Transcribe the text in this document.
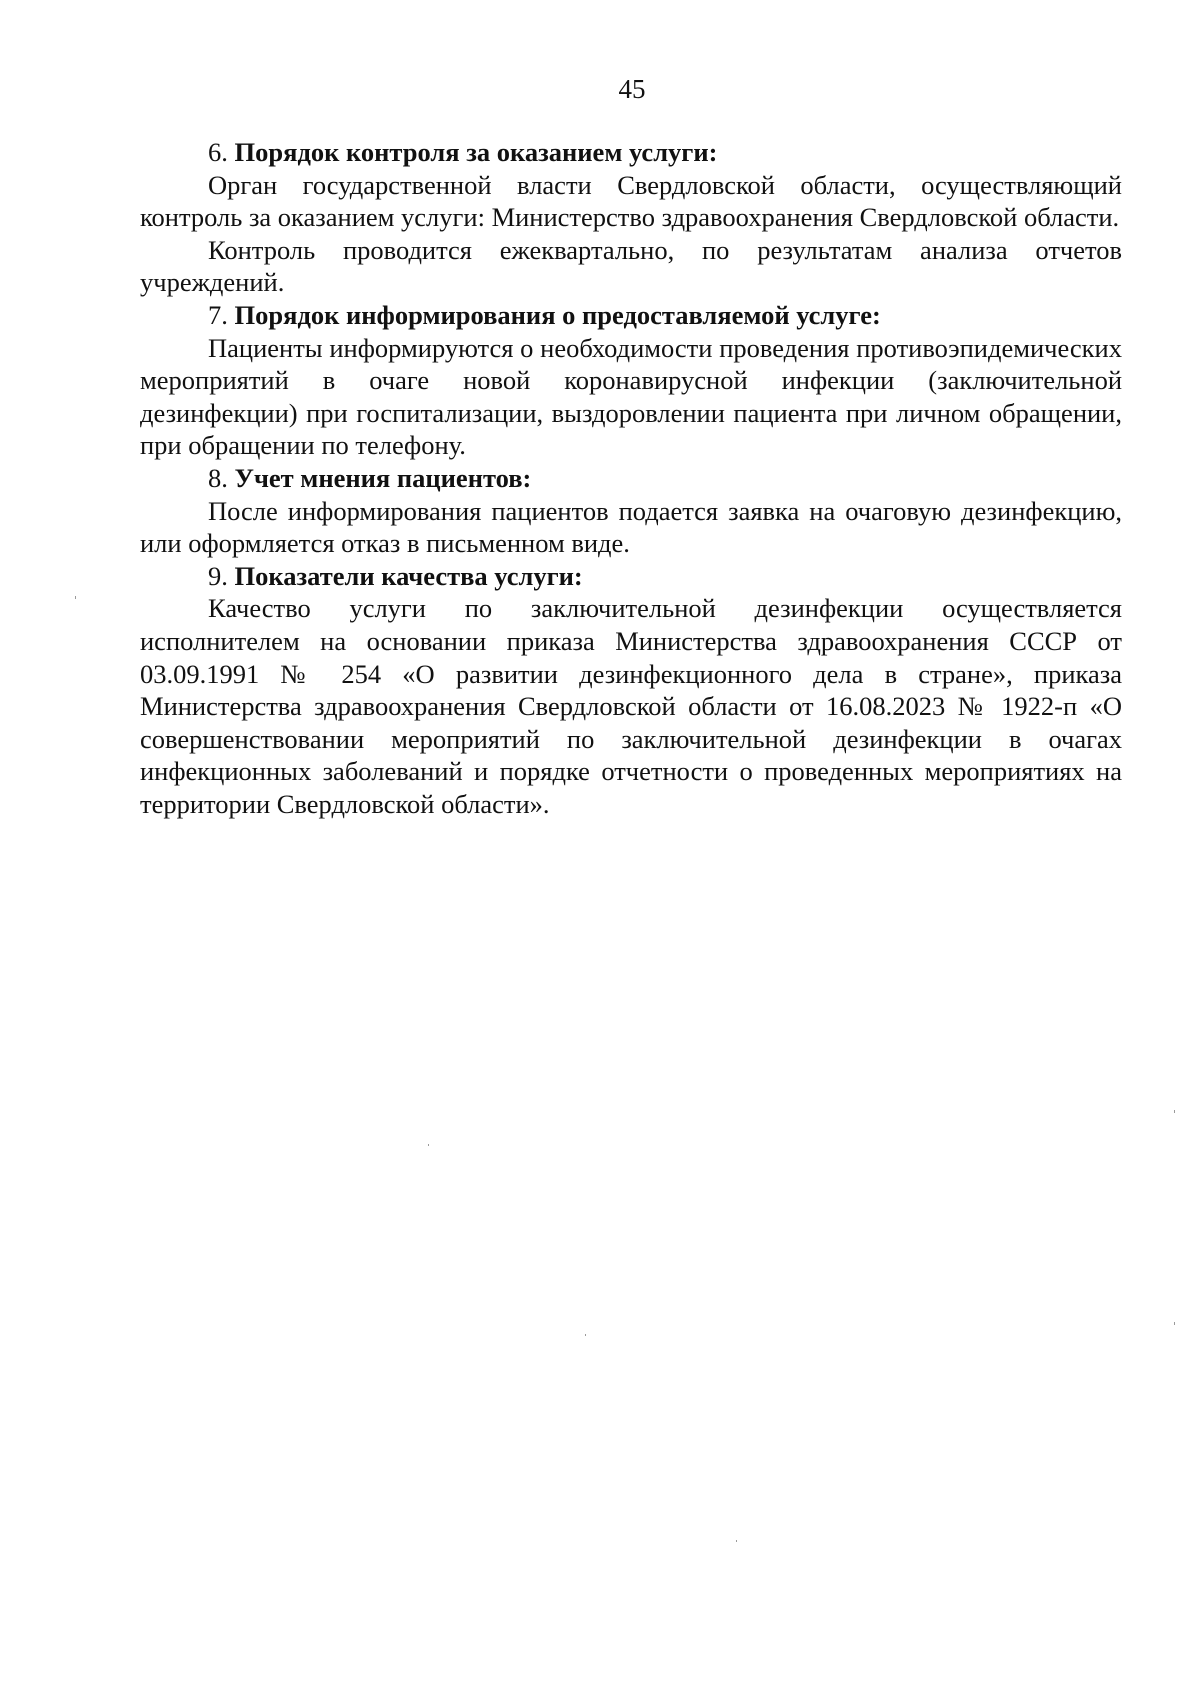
45

6. Порядок контроля за оказанием услуги:

Орган государственной власти Свердловской области, осуществляющий контроль за оказанием услуги: Министерство здравоохранения Свердловской области.

Контроль проводится ежеквартально, по результатам анализа отчетов учреждений.

7. Порядок информирования о предоставляемой услуге:

Пациенты информируются о необходимости проведения противоэпидемических мероприятий в очаге новой коронавирусной инфекции (заключительной дезинфекции) при госпитализации, выздоровлении пациента при личном обращении, при обращении по телефону.

8. Учет мнения пациентов:

После информирования пациентов подается заявка на очаговую дезинфекцию, или оформляется отказ в письменном виде.

9. Показатели качества услуги:

Качество услуги по заключительной дезинфекции осуществляется исполнителем на основании приказа Министерства здравоохранения СССР от 03.09.1991 № 254 «О развитии дезинфекционного дела в стране», приказа Министерства здравоохранения Свердловской области от 16.08.2023 № 1922-п «О совершенствовании мероприятий по заключительной дезинфекции в очагах инфекционных заболеваний и порядке отчетности о проведенных мероприятиях на территории Свердловской области».
